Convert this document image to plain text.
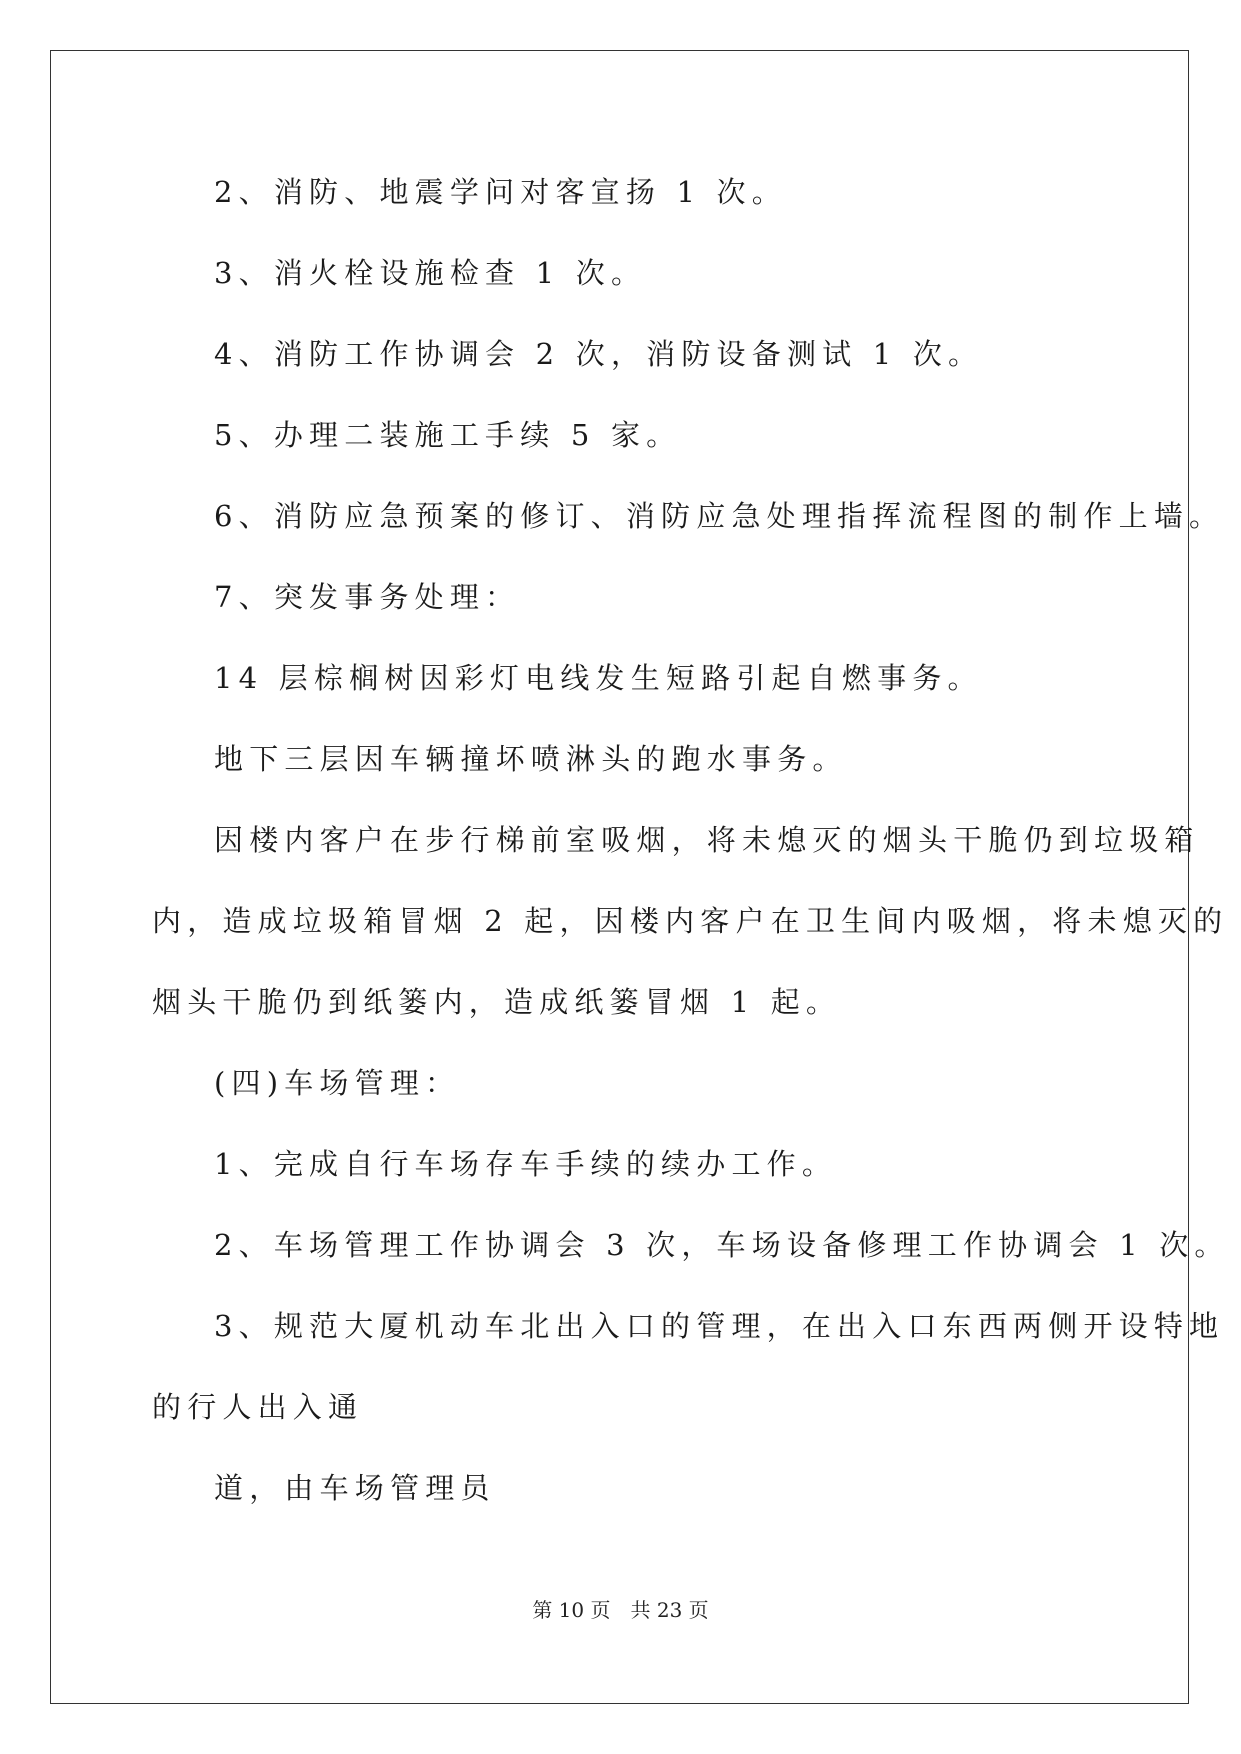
2、消防、地震学问对客宣扬 1 次。
3、消火栓设施检查 1 次。
4、消防工作协调会 2 次，消防设备测试 1 次。
5、办理二装施工手续 5 家。
6、消防应急预案的修订、消防应急处理指挥流程图的制作上墙。
7、突发事务处理：
14 层棕榈树因彩灯电线发生短路引起自燃事务。
地下三层因车辆撞坏喷淋头的跑水事务。
因楼内客户在步行梯前室吸烟，将未熄灭的烟头干脆仍到垃圾箱
内，造成垃圾箱冒烟 2 起，因楼内客户在卫生间内吸烟，将未熄灭的
烟头干脆仍到纸篓内，造成纸篓冒烟 1 起。
(四)车场管理：
1、完成自行车场存车手续的续办工作。
2、车场管理工作协调会 3 次，车场设备修理工作协调会 1 次。
3、规范大厦机动车北出入口的管理，在出入口东西两侧开设特地
的行人出入通
道，由车场管理员
第 10 页 共 23 页
